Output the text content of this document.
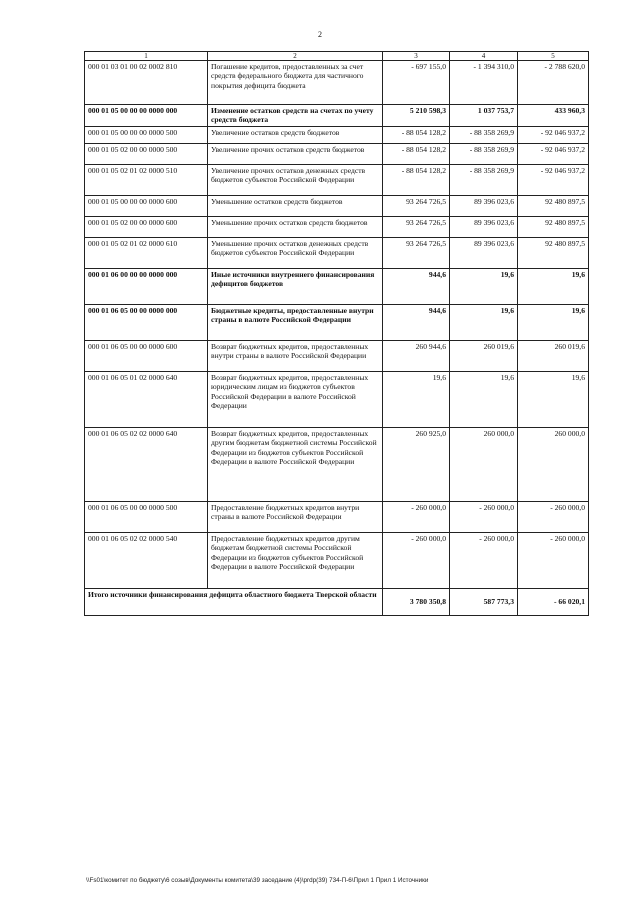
2
1	2	3	4	5
000 01 03 01 00 02 0002 810	Погашение кредитов, предоставленных за счет средств федерального бюджета для частичного покрытия дефицита бюджета	- 697 155,0	- 1 394 310,0	- 2 788 620,0
000 01 05 00 00 00 0000 000	Изменение остатков средств на счетах по учету средств бюджета	5 210 598,3	1 037 753,7	433 960,3
000 01 05 00 00 00 0000 500	Увеличение остатков средств бюджетов	- 88 054 128,2	- 88 358 269,9	- 92 046 937,2
000 01 05 02 00 00 0000 500	Увеличение прочих остатков средств бюджетов	- 88 054 128,2	- 88 358 269,9	- 92 046 937,2
000 01 05 02 01 02 0000 510	Увеличение прочих остатков денежных средств бюджетов субъектов Российской Федерации	- 88 054 128,2	- 88 358 269,9	- 92 046 937,2
000 01 05 00 00 00 0000 600	Уменьшение остатков средств бюджетов	93 264 726,5	89 396 023,6	92 480 897,5
000 01 05 02 00 00 0000 600	Уменьшение прочих остатков средств бюджетов	93 264 726,5	89 396 023,6	92 480 897,5
000 01 05 02 01 02 0000 610	Уменьшение прочих остатков денежных средств бюджетов субъектов Российской Федерации	93 264 726,5	89 396 023,6	92 480 897,5
000 01 06 00 00 00 0000 000	Иные источники внутреннего финансирования дефицитов бюджетов	944,6	19,6	19,6
000 01 06 05 00 00 0000 000	Бюджетные кредиты, предоставленные внутри страны в валюте Российской Федерации	944,6	19,6	19,6
000 01 06 05 00 00 0000 600	Возврат бюджетных кредитов, предоставленных внутри страны в валюте Российской Федерации	260 944,6	260 019,6	260 019,6
000 01 06 05 01 02 0000 640	Возврат бюджетных кредитов, предоставленных юридическим лицам из бюджетов субъектов Российской Федерации в валюте Российской Федерации	19,6	19,6	19,6
000 01 06 05 02 02 0000 640	Возврат бюджетных кредитов, предоставленных другим бюджетам бюджетной системы Российской Федерации из бюджетов субъектов Российской Федерации в валюте Российской Федерации	260 925,0	260 000,0	260 000,0
000 01 06 05 00 00 0000 500	Предоставление бюджетных кредитов внутри страны в валюте Российской Федерации	- 260 000,0	- 260 000,0	- 260 000,0
000 01 06 05 02 02 0000 540	Предоставление бюджетных кредитов другим бюджетам бюджетной системы Российской Федерации из бюджетов субъектов Российской Федерации в валюте Российской Федерации	- 260 000,0	- 260 000,0	- 260 000,0
Итого источники финансирования дефицита областного бюджета Тверской области		3 780 350,8	587 773,3	- 66 020,1
\\Fs01\комитет по бюджету\6 созыв\Документы комитета\39 заседание (4)\prdp(39) 734-П-6\Прил 1 Прил 1 Источники
